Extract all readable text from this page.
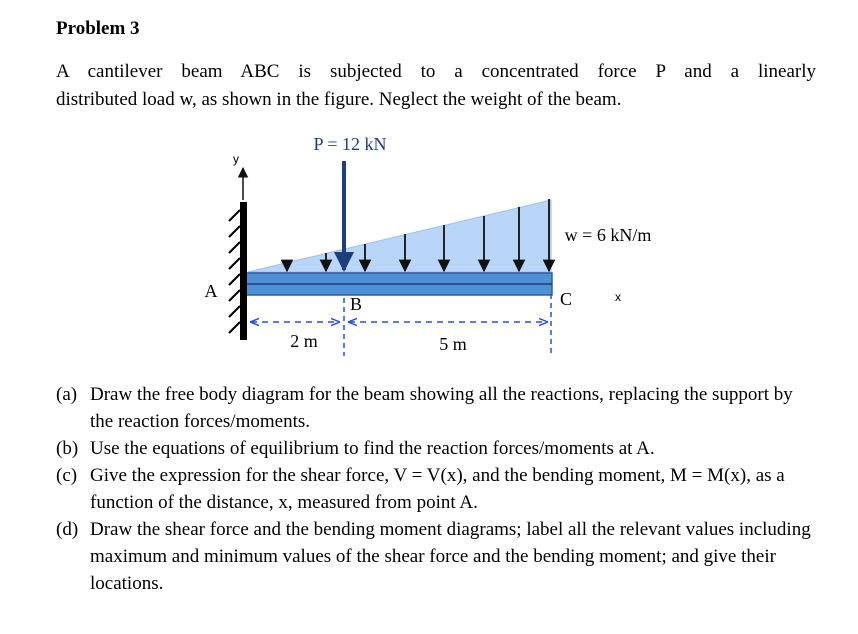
Problem 3
A cantilever beam ABC is subjected to a concentrated force P and a linearly
distributed load w, as shown in the figure. Neglect the weight of the beam.
P = 12 kN
y
A
B	C	x
w = 6 kN/m
2 m	5 m
(a) Draw the free body diagram for the beam showing all the reactions, replacing the support by the reaction forces/moments.
(b) Use the equations of equilibrium to find the reaction forces/moments at A.
(c) Give the expression for the shear force, V = V(x), and the bending moment, M = M(x), as a function of the distance, x, measured from point A.
(d) Draw the shear force and the bending moment diagrams; label all the relevant values including maximum and minimum values of the shear force and the bending moment; and give their locations.
